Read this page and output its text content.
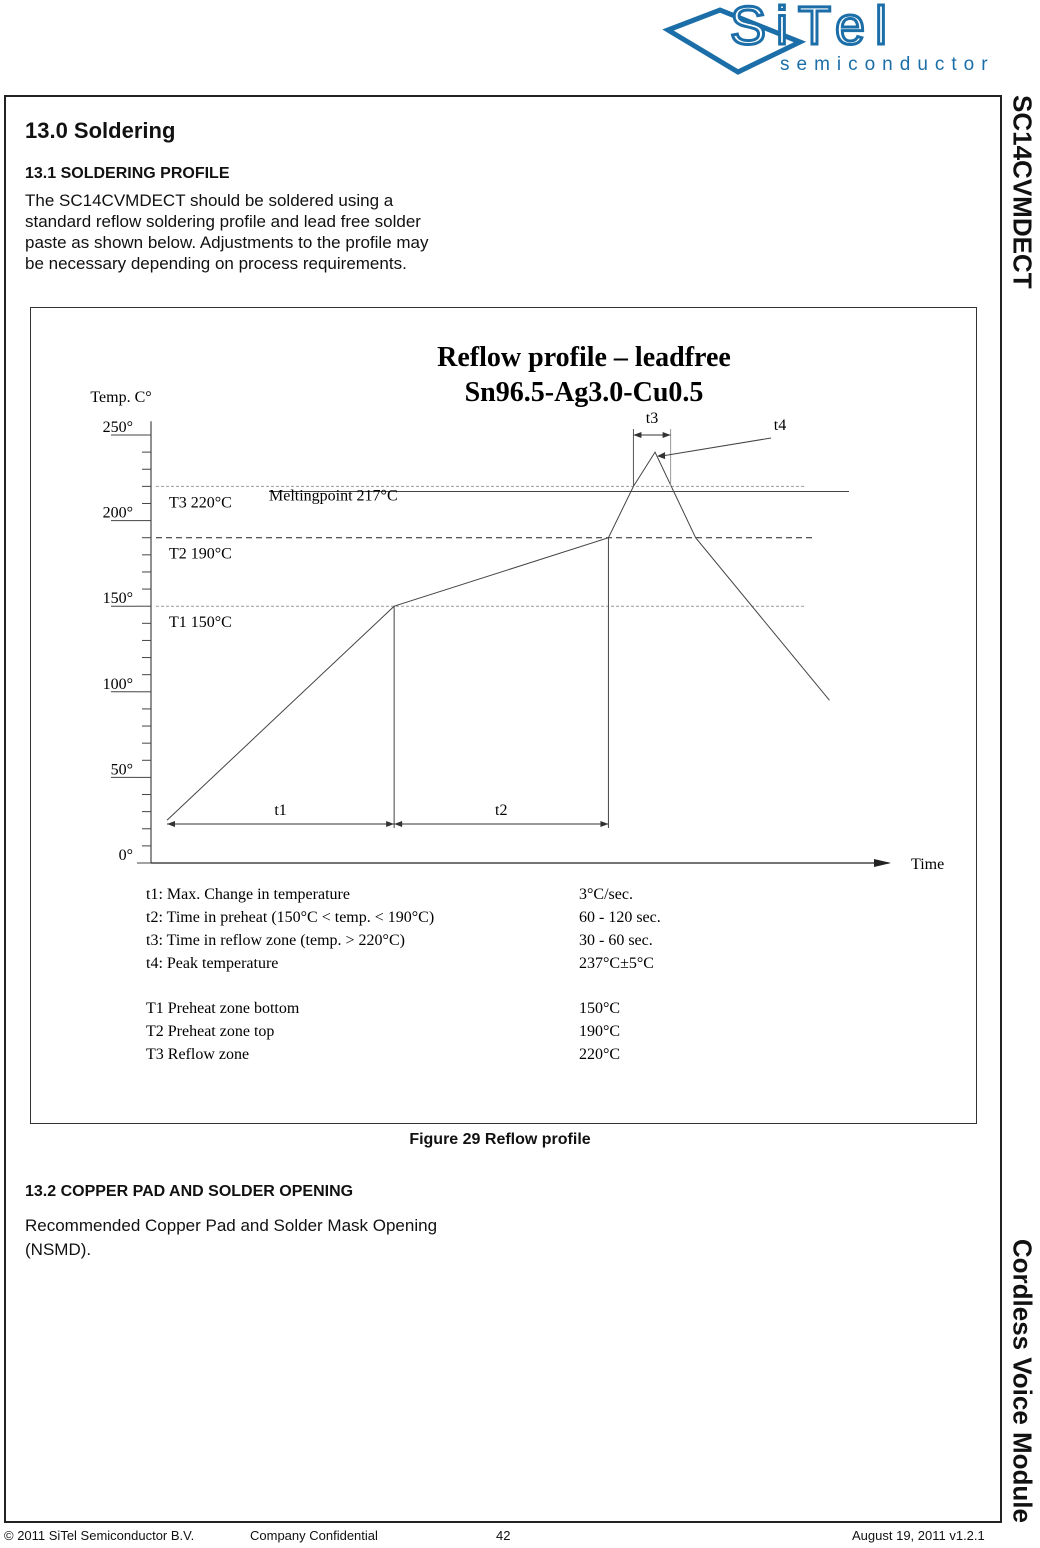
SiTel
semiconductor
SC14CVMDECT
Cordless Voice Module
13.0 Soldering
13.1 SOLDERING PROFILE
The SC14CVMDECT should be soldered using a
standard reflow soldering profile and lead free solder
paste as shown below. Adjustments to the profile may
be necessary depending on process requirements.
Reflow profile – leadfree
Sn96.5-Ag3.0-Cu0.5
Temp. C°
250°
200°
150°
100°
50°
0°
Time
T3 220°C Meltingpoint 217°C
T2 190°C
T1 150°C
t1	t2
t3	t4
t1: Max. Change in temperature	3°C/sec.
t2: Time in preheat (150°C < temp. < 190°C)	60 - 120 sec.
t3: Time in reflow zone (temp. > 220°C)	30 - 60 sec.
t4: Peak temperature	237°C±5°C
T1 Preheat zone bottom	150°C
T2 Preheat zone top	190°C
T3 Reflow zone	220°C
Figure 29 Reflow profile
13.2 COPPER PAD AND SOLDER OPENING
Recommended Copper Pad and Solder Mask Opening
(NSMD).
© 2011 SiTel Semiconductor B.V.	Company Confidential	42	August 19, 2011 v1.2.1
